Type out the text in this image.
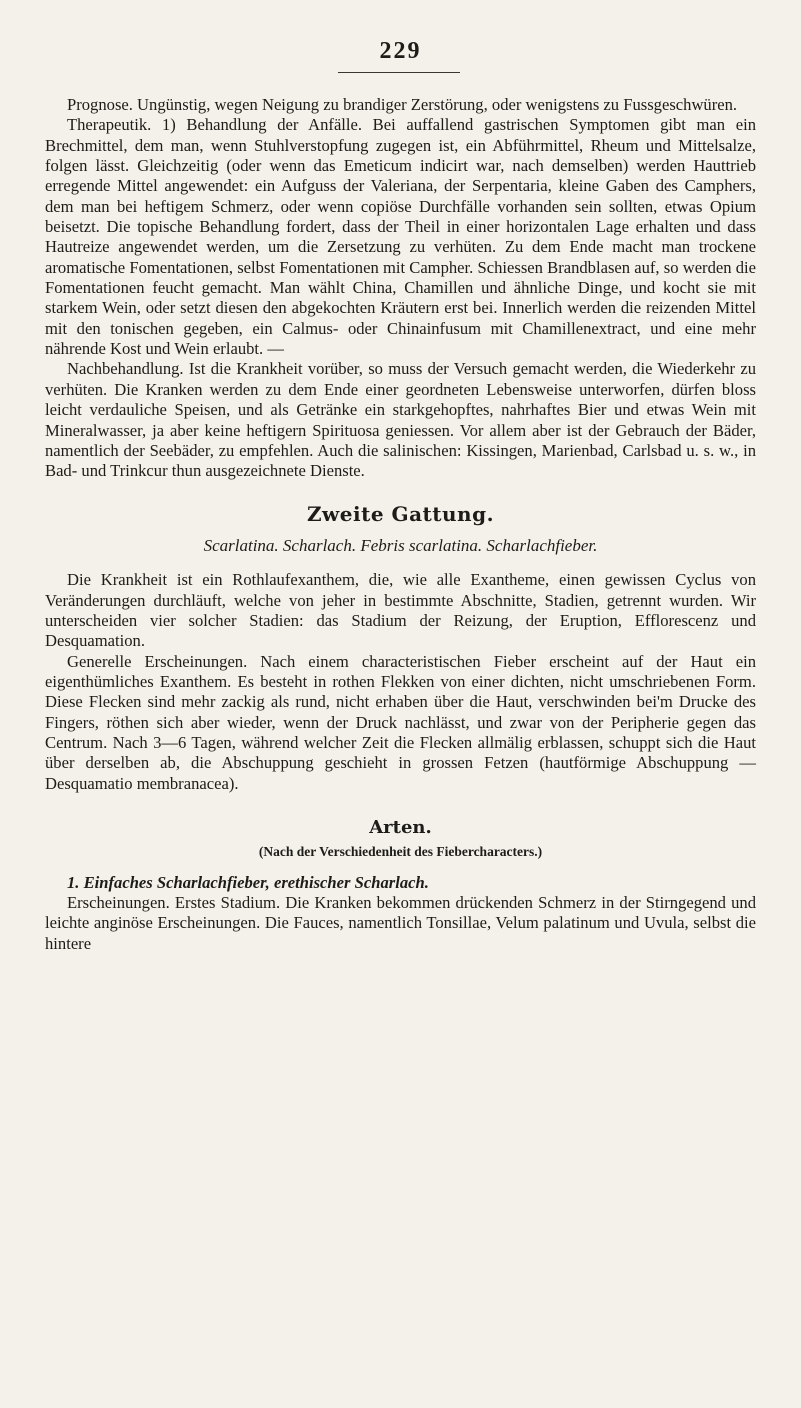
229

Prognose. Ungünstig, wegen Neigung zu brandiger Zerstörung, oder wenigstens zu Fussgeschwüren.

Therapeutik. 1) Behandlung der Anfälle. Bei auffallend gastrischen Symptomen gibt man ein Brechmittel, dem man, wenn Stuhlverstopfung zugegen ist, ein Abführmittel, Rheum und Mittelsalze, folgen lässt. Gleichzeitig (oder wenn das Emeticum indicirt war, nach demselben) werden Hauttrieb erregende Mittel angewendet: ein Aufguss der Valeriana, der Serpentaria, kleine Gaben des Camphers, dem man bei heftigem Schmerz, oder wenn copiöse Durchfälle vorhanden sein sollten, etwas Opium beisetzt. Die topische Behandlung fordert, dass der Theil in einer horizontalen Lage erhalten und dass Hautreize angewendet werden, um die Zersetzung zu verhüten. Zu dem Ende macht man trockene aromatische Fomentationen, selbst Fomentationen mit Campher. Schiessen Brandblasen auf, so werden die Fomentationen feucht gemacht. Man wählt China, Chamillen und ähnliche Dinge, und kocht sie mit starkem Wein, oder setzt diesen den abgekochten Kräutern erst bei. Innerlich werden die reizenden Mittel mit den tonischen gegeben, ein Calmus- oder Chinainfusum mit Chamillenextract, und eine mehr nährende Kost und Wein erlaubt. —

Nachbehandlung. Ist die Krankheit vorüber, so muss der Versuch gemacht werden, die Wiederkehr zu verhüten. Die Kranken werden zu dem Ende einer geordneten Lebensweise unterworfen, dürfen bloss leicht verdauliche Speisen, und als Getränke ein starkgehopftes, nahrhaftes Bier und etwas Wein mit Mineralwasser, ja aber keine heftigern Spirituosa geniessen. Vor allem aber ist der Gebrauch der Bäder, namentlich der Seebäder, zu empfehlen. Auch die salinischen: Kissingen, Marienbad, Carlsbad u. s. w., in Bad- und Trinkcur thun ausgezeichnete Dienste.

Zweite Gattung.
Scarlatina. Scharlach. Febris scarlatina. Scharlachfieber.

Die Krankheit ist ein Rothlaufexanthem, die, wie alle Exantheme, einen gewissen Cyclus von Veränderungen durchläuft, welche von jeher in bestimmte Abschnitte, Stadien, getrennt wurden. Wir unterscheiden vier solcher Stadien: das Stadium der Reizung, der Eruption, Efflorescenz und Desquamation.

Generelle Erscheinungen. Nach einem characteristischen Fieber erscheint auf der Haut ein eigenthümliches Exanthem. Es besteht in rothen Flekken von einer dichten, nicht umschriebenen Form. Diese Flecken sind mehr zackig als rund, nicht erhaben über die Haut, verschwinden bei'm Drucke des Fingers, röthen sich aber wieder, wenn der Druck nachlässt, und zwar von der Peripherie gegen das Centrum. Nach 3—6 Tagen, während welcher Zeit die Flecken allmälig erblassen, schuppt sich die Haut über derselben ab, die Abschuppung geschieht in grossen Fetzen (hautförmige Abschuppung — Desquamatio membranacea).

Arten.
(Nach der Verschiedenheit des Fiebercharacters.)

1. Einfaches Scharlachfieber, erethischer Scharlach.

Erscheinungen. Erstes Stadium. Die Kranken bekommen drückenden Schmerz in der Stirngegend und leichte anginöse Erscheinungen. Die Fauces, namentlich Tonsillae, Velum palatinum und Uvula, selbst die hintere
